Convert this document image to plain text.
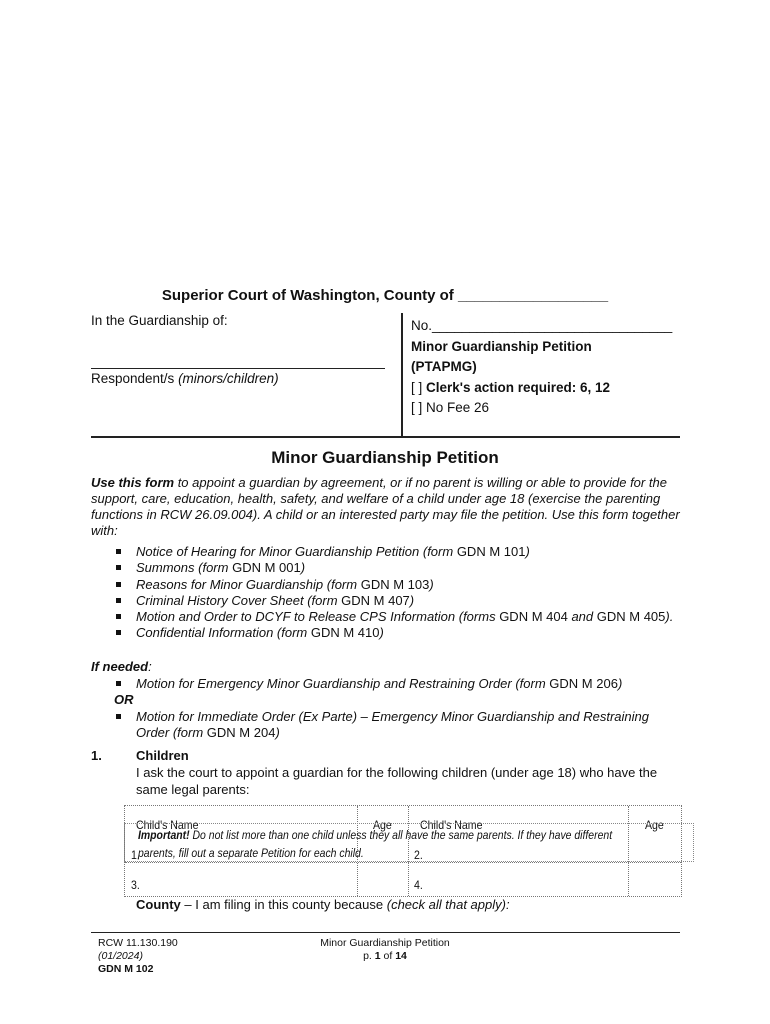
Superior Court of Washington, County of __________________
In the Guardianship of:
Respondent/s (minors/children)
No.________________________________
Minor Guardianship Petition
(PTAPMG)
[ ] Clerk's action required: 6, 12
[ ] No Fee 26
Minor Guardianship Petition
Use this form to appoint a guardian by agreement, or if no parent is willing or able to provide for the support, care, education, health, safety, and welfare of a child under age 18 (exercise the parenting functions in RCW 26.09.004). A child or an interested party may file the petition. Use this form together with:
Notice of Hearing for Minor Guardianship Petition (form GDN M 101)
Summons (form GDN M 001)
Reasons for Minor Guardianship (form GDN M 103)
Criminal History Cover Sheet (form GDN M 407)
Motion and Order to DCYF to Release CPS Information (forms GDN M 404 and GDN M 405).
Confidential Information (form GDN M 410)
If needed:
Motion for Emergency Minor Guardianship and Restraining Order (form GDN M 206)
OR
Motion for Immediate Order (Ex Parte) – Emergency Minor Guardianship and Restraining Order (form GDN M 204)
1.	Children
I ask the court to appoint a guardian for the following children (under age 18) who have the same legal parents:
Child's Name	Age Child's Name	Age
1.	2.
3.	4.
Important! Do not list more than one child unless they all have the same parents. If they have different
parents, fill out a separate Petition for each child.
County – I am filing in this county because (check all that apply):
RCW 11.130.190
(01/2024)
GDN M 102
Minor Guardianship Petition
p. 1 of 14
